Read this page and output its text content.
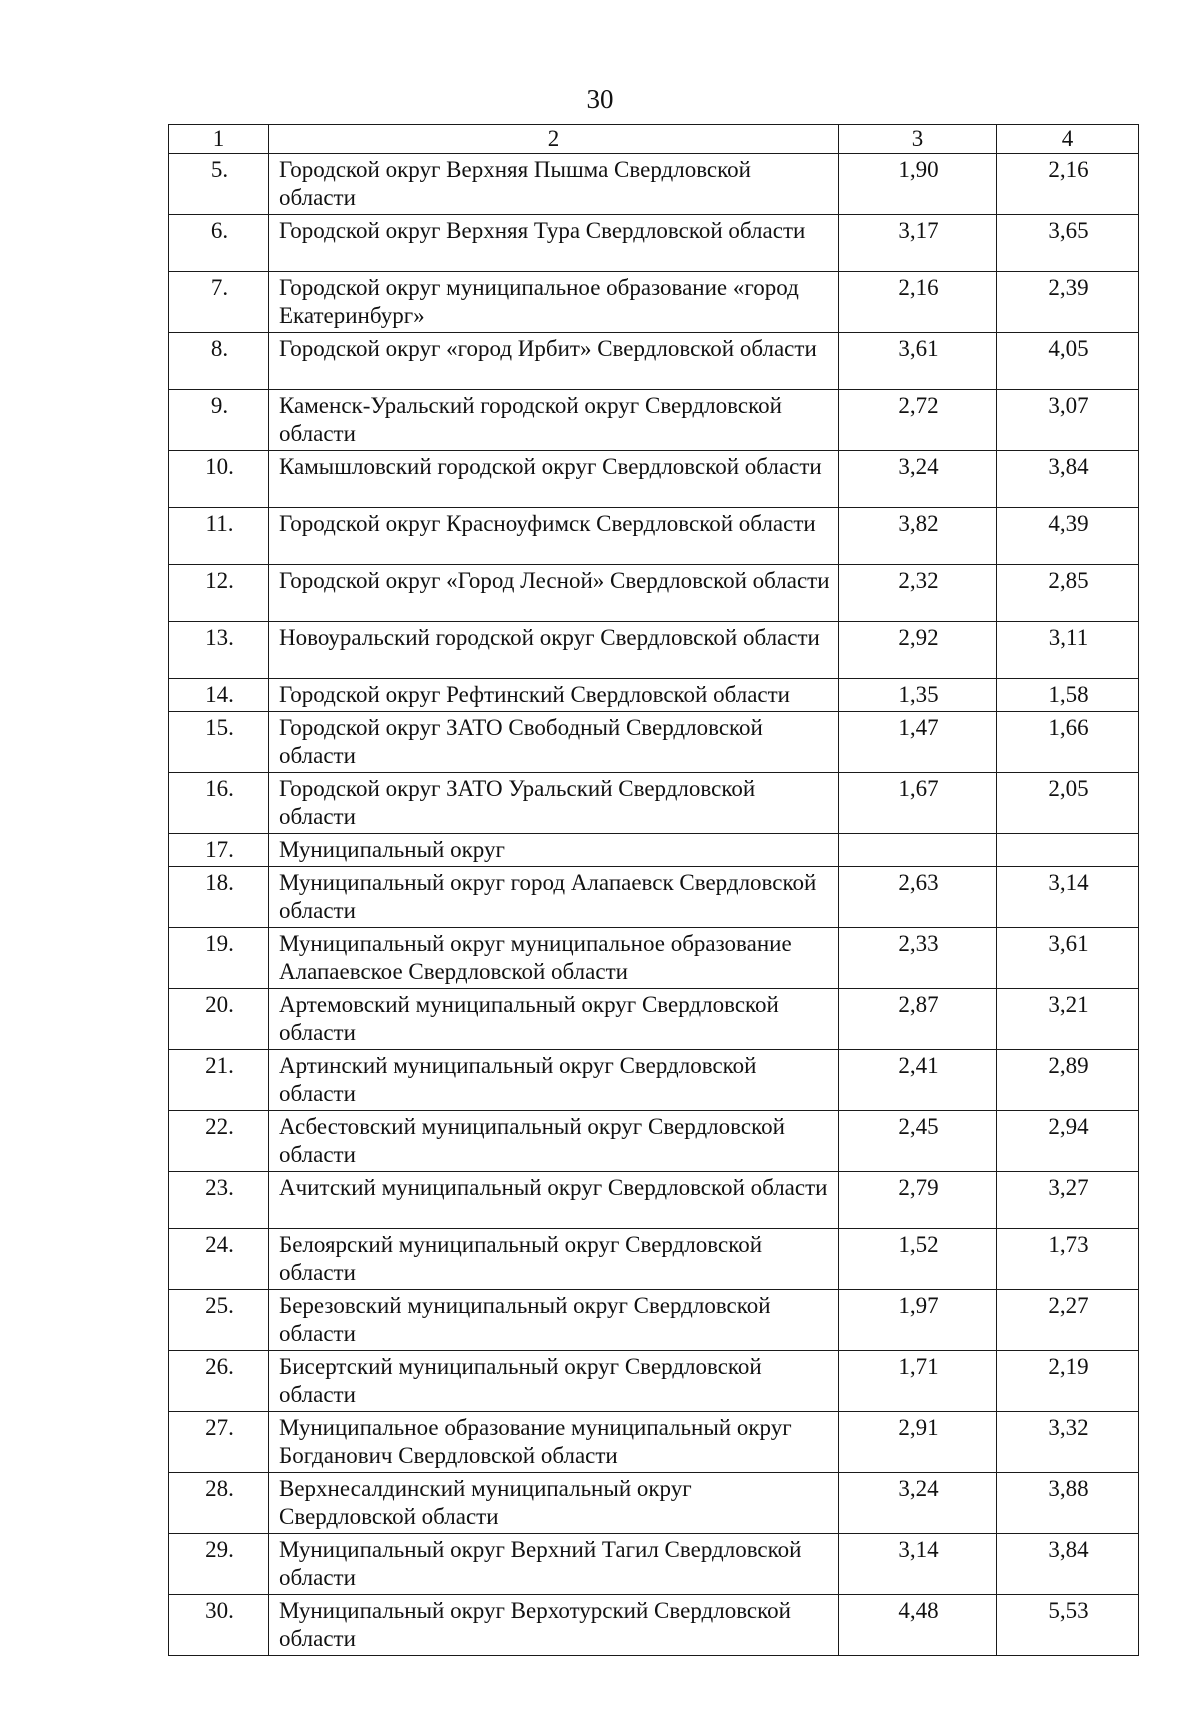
30
1	2	3	4
5.	Городской округ Верхняя Пышма Свердловской области	1,90	2,16
6.	Городской округ Верхняя Тура Свердловской области	3,17	3,65
7.	Городской округ муниципальное образование «город Екатеринбург»	2,16	2,39
8.	Городской округ «город Ирбит» Свердловской области	3,61	4,05
9.	Каменск-Уральский городской округ Свердловской области	2,72	3,07
10.	Камышловский городской округ Свердловской области	3,24	3,84
11.	Городской округ Красноуфимск Свердловской области	3,82	4,39
12.	Городской округ «Город Лесной» Свердловской области	2,32	2,85
13.	Новоуральский городской округ Свердловской области	2,92	3,11
14.	Городской округ Рефтинский Свердловской области	1,35	1,58
15.	Городской округ ЗАТО Свободный Свердловской области	1,47	1,66
16.	Городской округ ЗАТО Уральский Свердловской области	1,67	2,05
17.	Муниципальный округ		
18.	Муниципальный округ город Алапаевск Свердловской области	2,63	3,14
19.	Муниципальный округ муниципальное образование Алапаевское Свердловской области	2,33	3,61
20.	Артемовский муниципальный округ Свердловской области	2,87	3,21
21.	Артинский муниципальный округ Свердловской области	2,41	2,89
22.	Асбестовский муниципальный округ Свердловской области	2,45	2,94
23.	Ачитский муниципальный округ Свердловской области	2,79	3,27
24.	Белоярский муниципальный округ Свердловской области	1,52	1,73
25.	Березовский муниципальный округ Свердловской области	1,97	2,27
26.	Бисертский муниципальный округ Свердловской области	1,71	2,19
27.	Муниципальное образование муниципальный округ Богданович Свердловской области	2,91	3,32
28.	Верхнесалдинский муниципальный округ Свердловской области	3,24	3,88
29.	Муниципальный округ Верхний Тагил Свердловской области	3,14	3,84
30.	Муниципальный округ Верхотурский Свердловской области	4,48	5,53
